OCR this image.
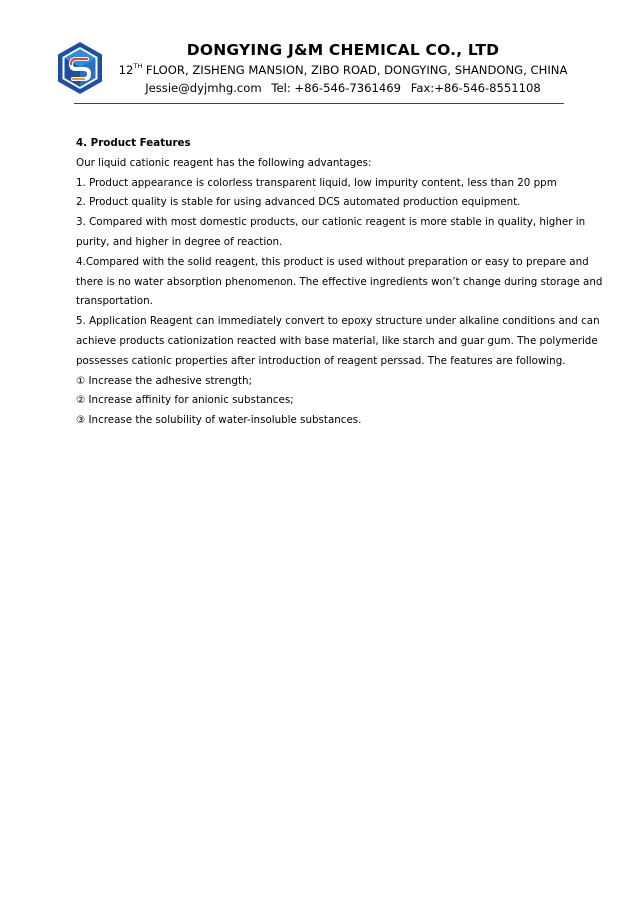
DONGYING J&M CHEMICAL CO., LTD
12TH FLOOR, ZISHENG MANSION, ZIBO ROAD, DONGYING, SHANDONG, CHINA
Jessie@dyjmhg.com Tel: +86-546-7361469 Fax:+86-546-8551108
4. Product Features
Our liquid cationic reagent has the following advantages:
1. Product appearance is colorless transparent liquid, low impurity content, less than 20 ppm
2. Product quality is stable for using advanced DCS automated production equipment.
3. Compared with most domestic products, our cationic reagent is more stable in quality, higher in
purity, and higher in degree of reaction.
4.Compared with the solid reagent, this product is used without preparation or easy to prepare and
there is no water absorption phenomenon. The effective ingredients won’t change during storage and
transportation.
5. Application Reagent can immediately convert to epoxy structure under alkaline conditions and can
achieve products cationization reacted with base material, like starch and guar gum. The polymeride
possesses cationic properties after introduction of reagent perssad. The features are following.
① Increase the adhesive strength;
② Increase affinity for anionic substances;
③ Increase the solubility of water-insoluble substances.
